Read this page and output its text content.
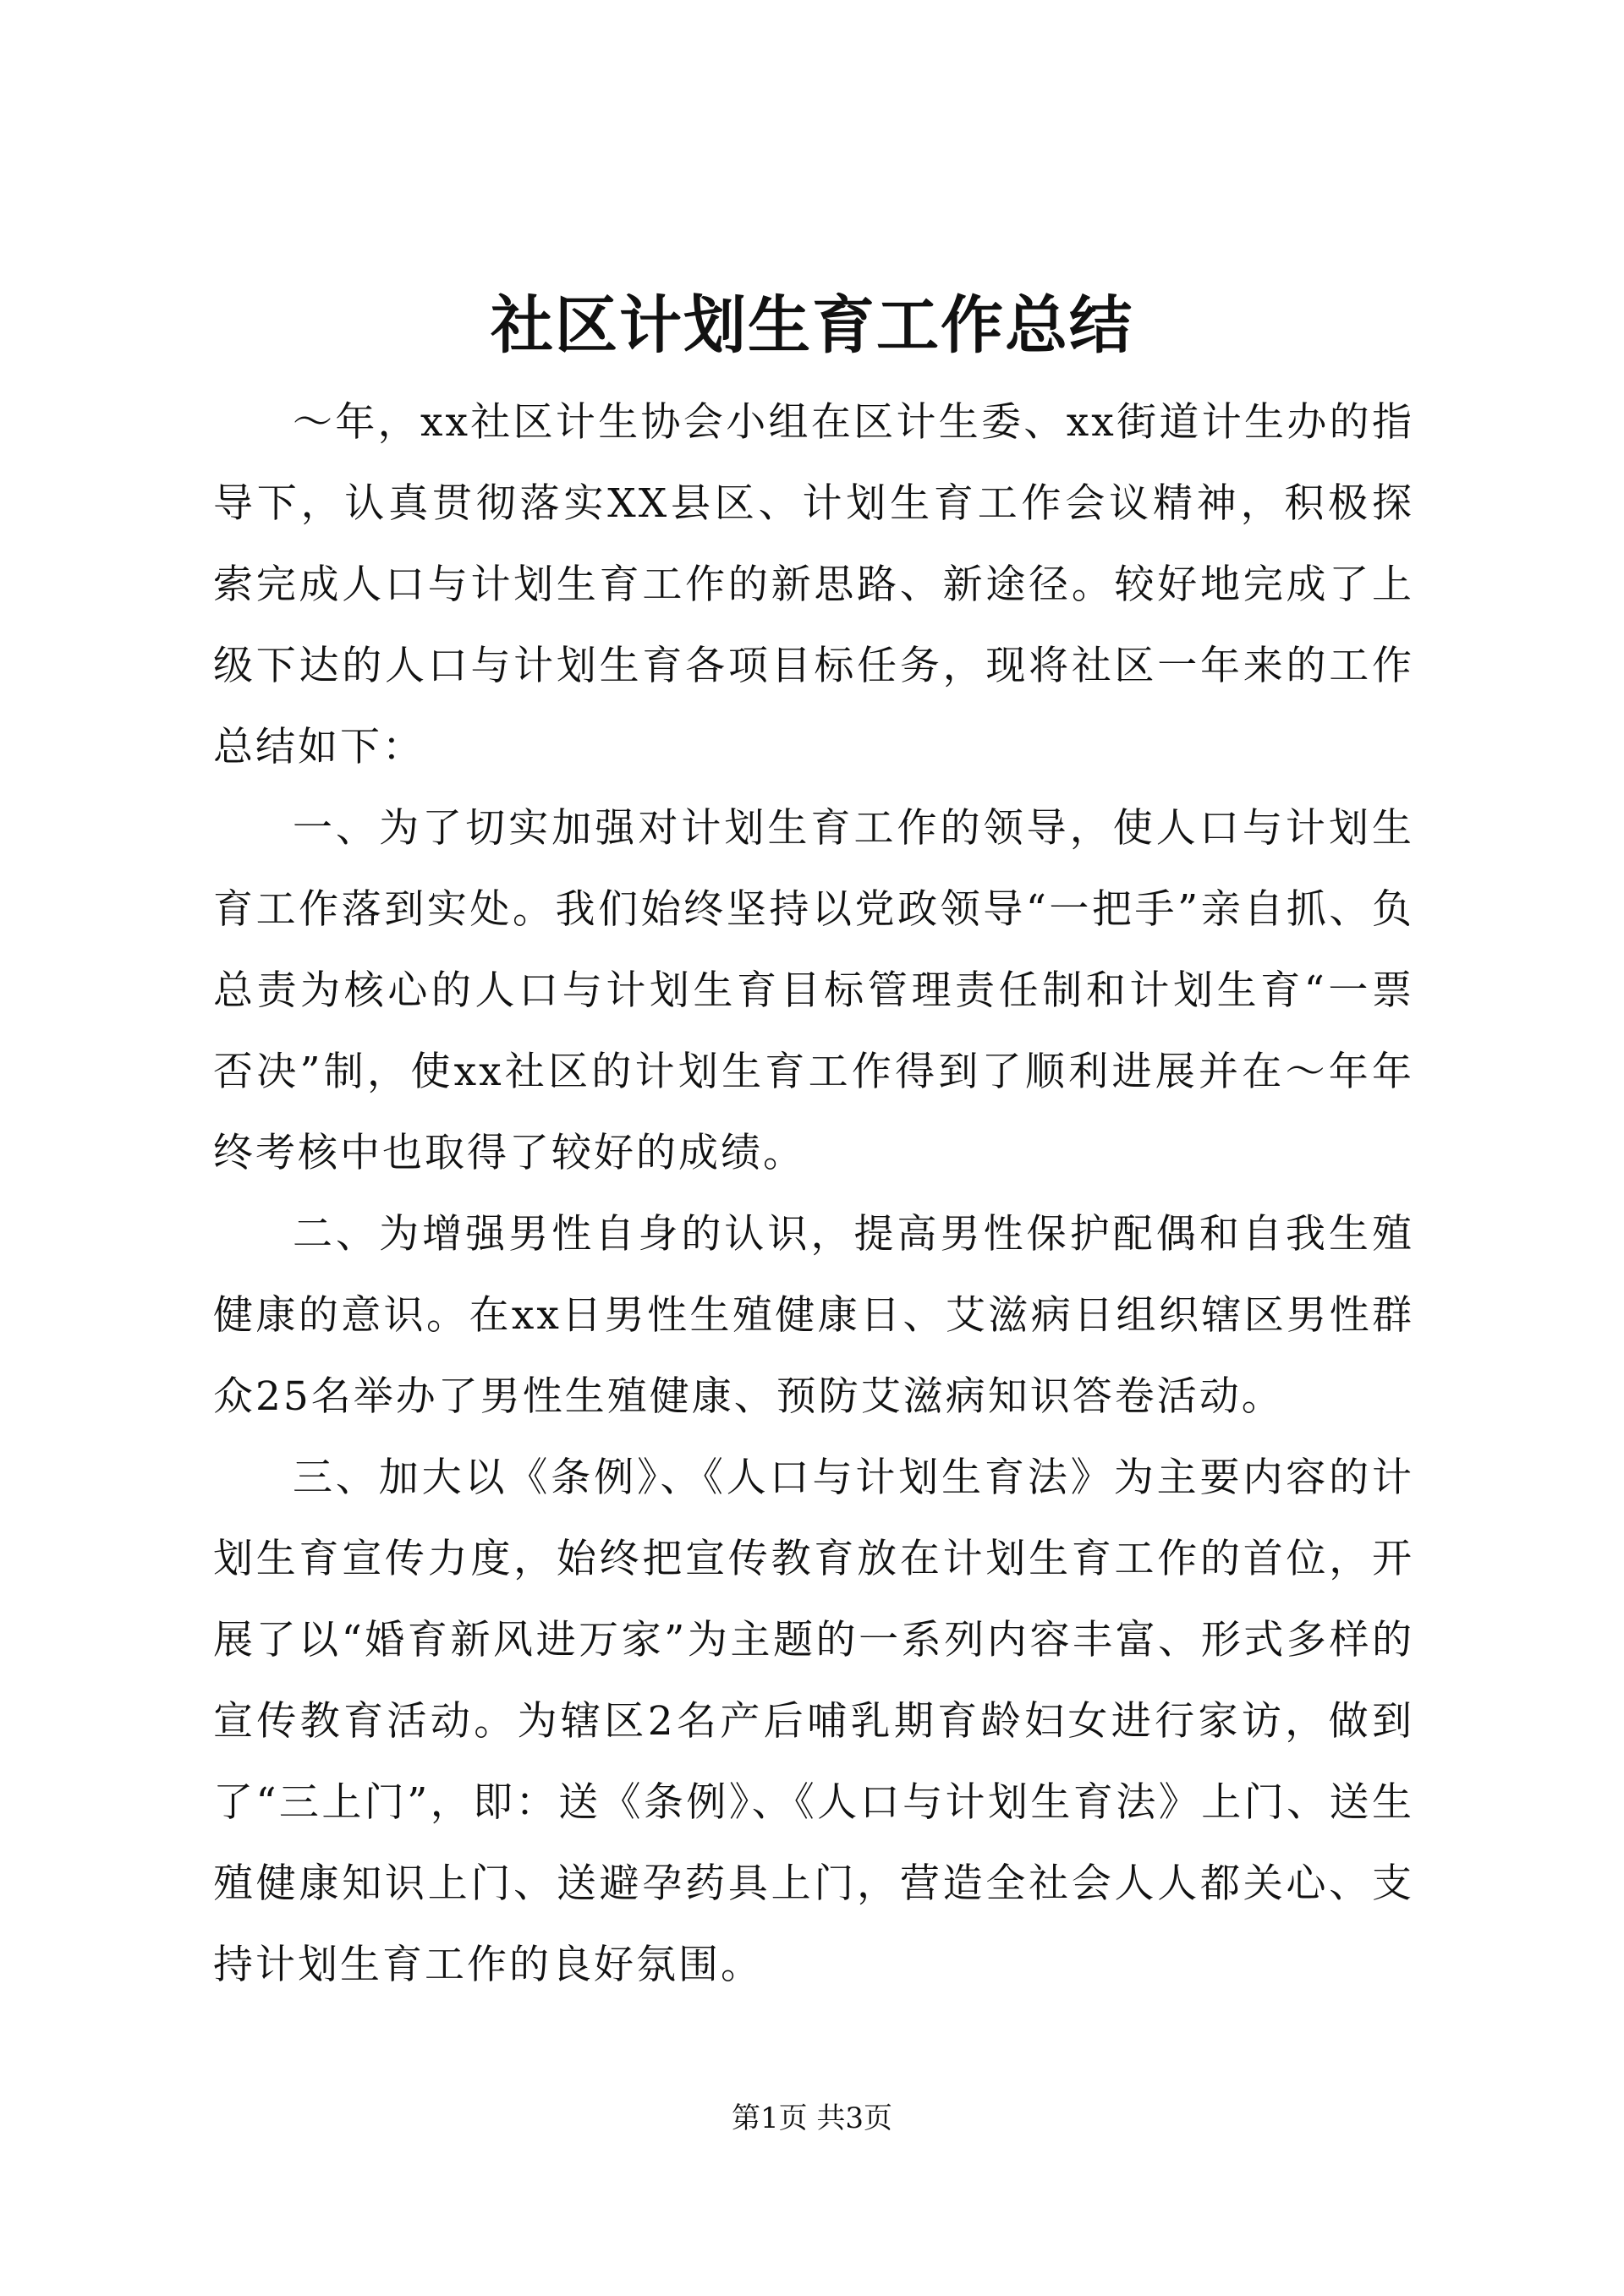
社区计划生育工作总结

～年，xx社区计生协会小组在区计生委、xx街道计生办的指导下，认真贯彻落实XX县区、计划生育工作会议精神，积极探索完成人口与计划生育工作的新思路、新途径。较好地完成了上级下达的人口与计划生育各项目标任务，现将社区一年来的工作总结如下：

一、为了切实加强对计划生育工作的领导，使人口与计划生育工作落到实处。我们始终坚持以党政领导“一把手”亲自抓、负总责为核心的人口与计划生育目标管理责任制和计划生育“一票否决”制，使xx社区的计划生育工作得到了顺利进展并在～年年终考核中也取得了较好的成绩。

二、为增强男性自身的认识，提高男性保护配偶和自我生殖健康的意识。在xx日男性生殖健康日、艾滋病日组织辖区男性群众25名举办了男性生殖健康、预防艾滋病知识答卷活动。

三、加大以《条例》、《人口与计划生育法》为主要内容的计划生育宣传力度，始终把宣传教育放在计划生育工作的首位，开展了以“婚育新风进万家”为主题的一系列内容丰富、形式多样的宣传教育活动。为辖区2名产后哺乳期育龄妇女进行家访，做到了“三上门”，即：送《条例》、《人口与计划生育法》上门、送生殖健康知识上门、送避孕药具上门，营造全社会人人都关心、支持计划生育工作的良好氛围。

第1页 共3页
